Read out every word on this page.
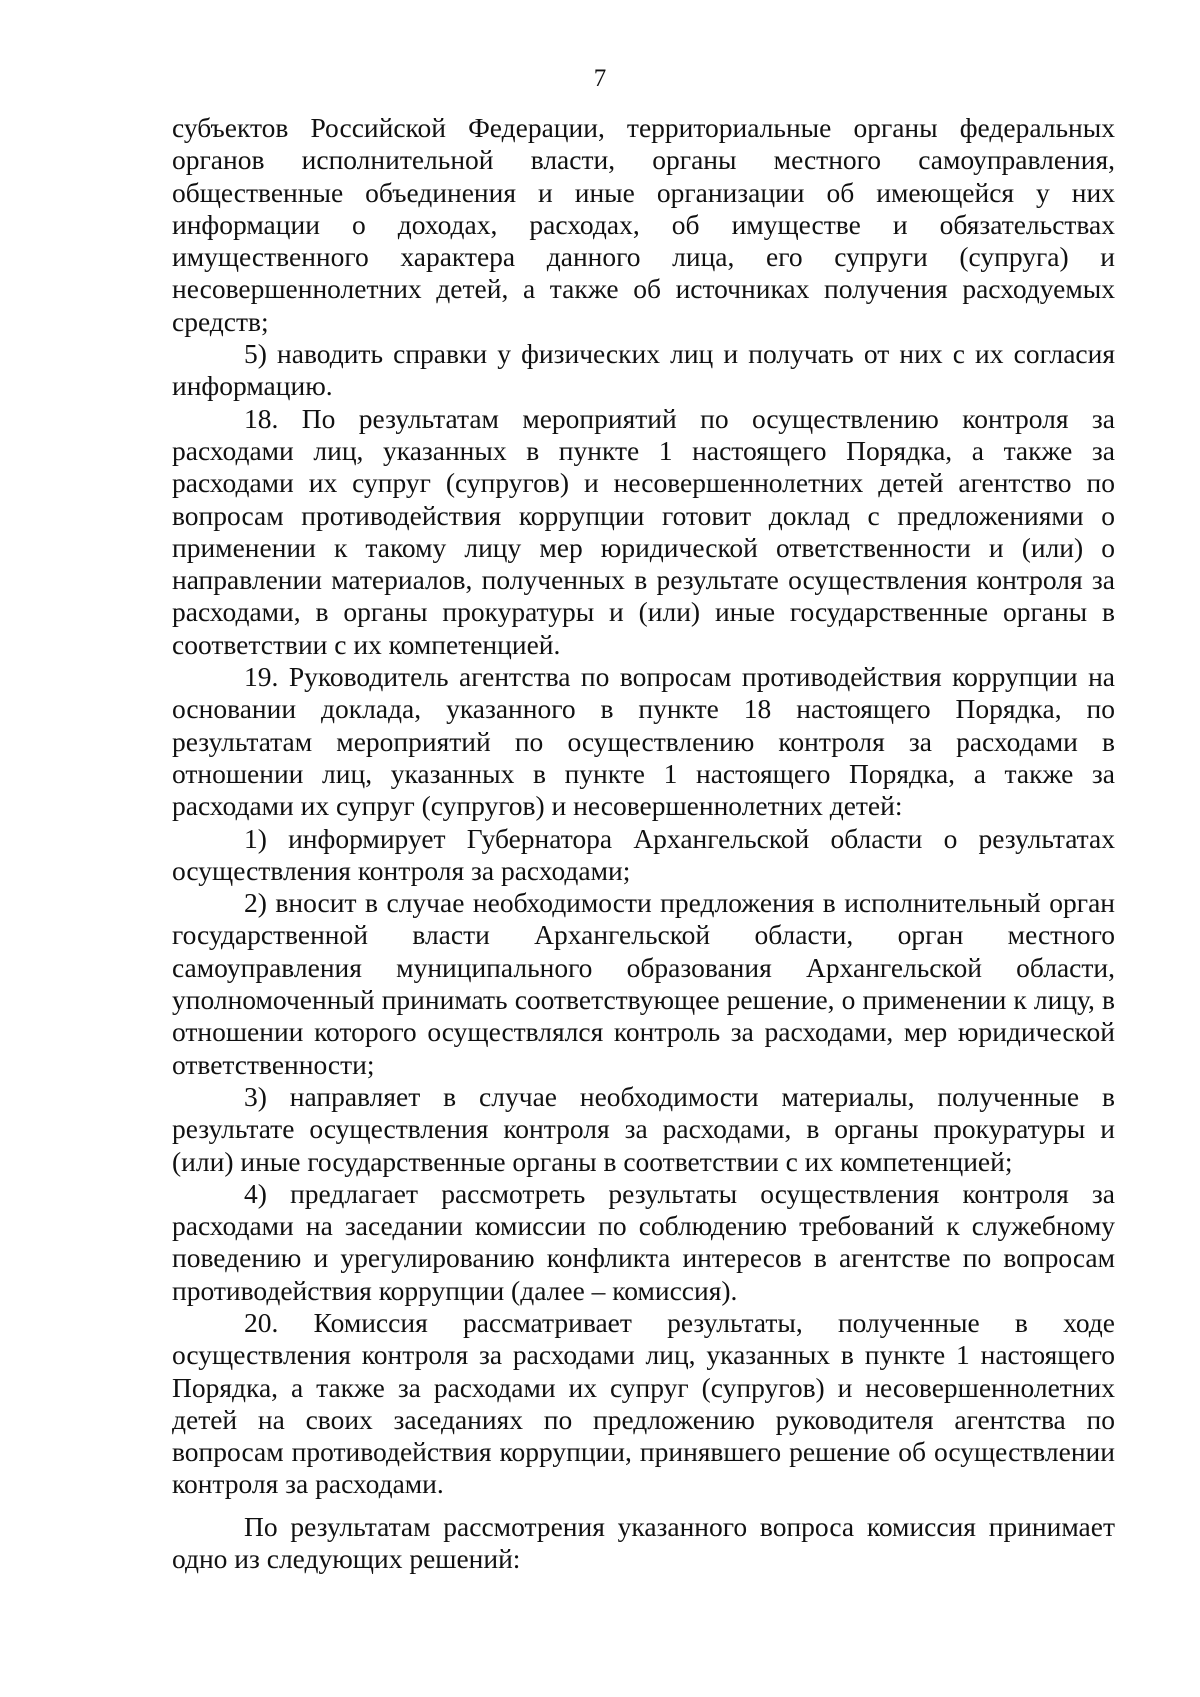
7

субъектов Российской Федерации, территориальные органы федеральных органов исполнительной власти, органы местного самоуправления, общественные объединения и иные организации об имеющейся у них информации о доходах, расходах, об имуществе и обязательствах имущественного характера данного лица, его супруги (супруга) и несовершеннолетних детей, а также об источниках получения расходуемых средств;

5) наводить справки у физических лиц и получать от них с их согласия информацию.

18. По результатам мероприятий по осуществлению контроля за расходами лиц, указанных в пункте 1 настоящего Порядка, а также за расходами их супруг (супругов) и несовершеннолетних детей агентство по вопросам противодействия коррупции готовит доклад с предложениями о применении к такому лицу мер юридической ответственности и (или) о направлении материалов, полученных в результате осуществления контроля за расходами, в органы прокуратуры и (или) иные государственные органы в соответствии с их компетенцией.

19. Руководитель агентства по вопросам противодействия коррупции на основании доклада, указанного в пункте 18 настоящего Порядка, по результатам мероприятий по осуществлению контроля за расходами в отношении лиц, указанных в пункте 1 настоящего Порядка, а также за расходами их супруг (супругов) и несовершеннолетних детей:

1) информирует Губернатора Архангельской области о результатах осуществления контроля за расходами;

2) вносит в случае необходимости предложения в исполнительный орган государственной власти Архангельской области, орган местного самоуправления муниципального образования Архангельской области, уполномоченный принимать соответствующее решение, о применении к лицу, в отношении которого осуществлялся контроль за расходами, мер юридической ответственности;

3) направляет в случае необходимости материалы, полученные в результате осуществления контроля за расходами, в органы прокуратуры и (или) иные государственные органы в соответствии с их компетенцией;

4) предлагает рассмотреть результаты осуществления контроля за расходами на заседании комиссии по соблюдению требований к служебному поведению и урегулированию конфликта интересов в агентстве по вопросам противодействия коррупции (далее – комиссия).

20. Комиссия рассматривает результаты, полученные в ходе осуществления контроля за расходами лиц, указанных в пункте 1 настоящего Порядка, а также за расходами их супруг (супругов) и несовершеннолетних детей на своих заседаниях по предложению руководителя агентства по вопросам противодействия коррупции, принявшего решение об осуществлении контроля за расходами.

По результатам рассмотрения указанного вопроса комиссия принимает одно из следующих решений:
